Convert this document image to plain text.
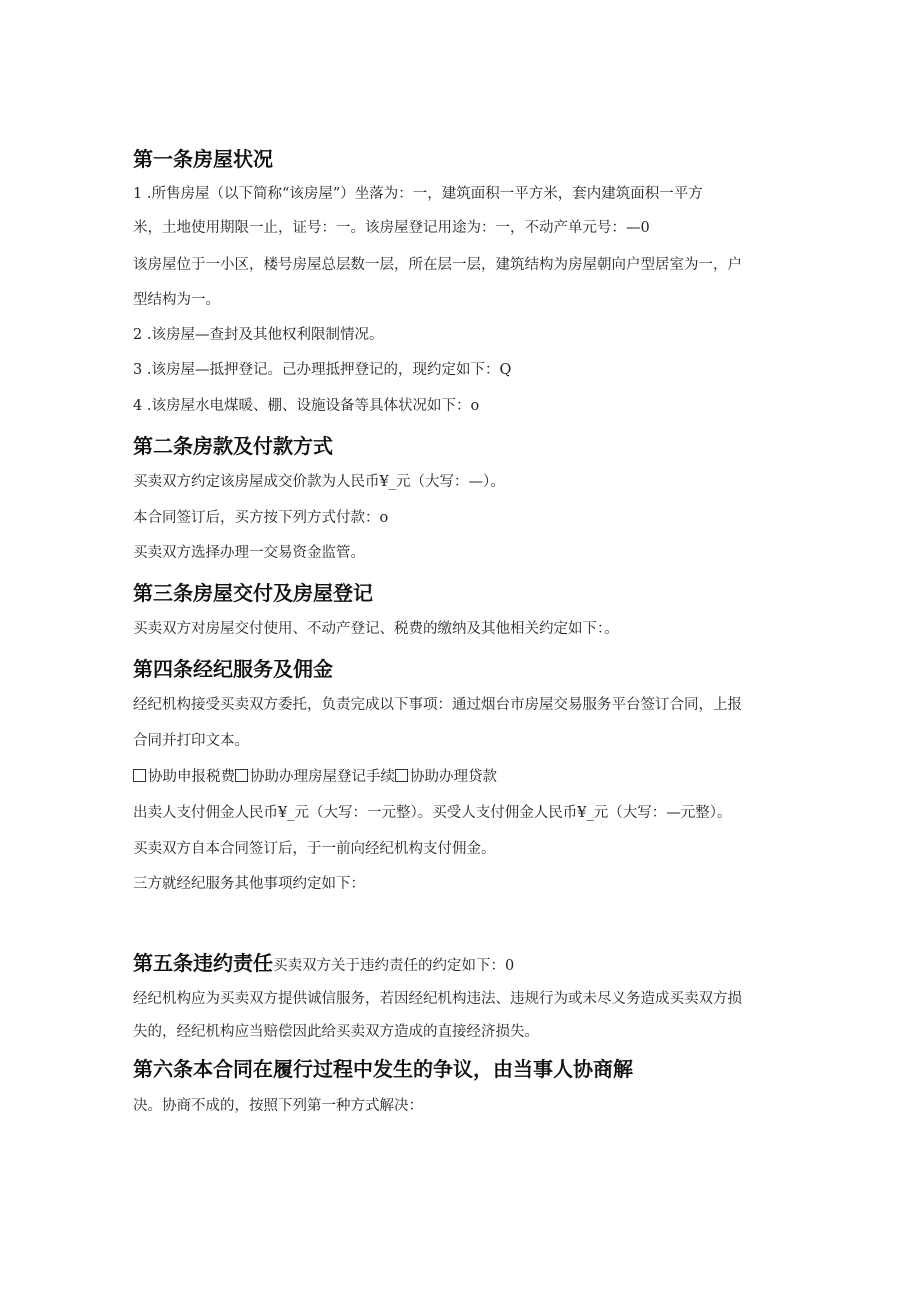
第一条房屋状况
1 .所售房屋（以下简称“该房屋”）坐落为：一，建筑面积一平方米，套内建筑面积一平方
米，土地使用期限一止，证号：一。该房屋登记用途为：一，不动产单元号：—0
该房屋位于一小区，楼号房屋总层数一层，所在层一层，建筑结构为房屋朝向户型居室为一，户
型结构为一。
2 .该房屋—查封及其他权利限制情况。
3 .该房屋—抵押登记。己办理抵押登记的，现约定如下：Q
4 .该房屋水电煤暖、棚、设施设备等具体状况如下：o
第二条房款及付款方式
买卖双方约定该房屋成交价款为人民币¥_元（大写：—）。
本合同签订后，买方按下列方式付款：o
买卖双方选择办理一交易资金监管。
第三条房屋交付及房屋登记
买卖双方对房屋交付使用、不动产登记、税费的缴纳及其他相关约定如下：。
第四条经纪服务及佣金
经纪机构接受买卖双方委托，负责完成以下事项：通过烟台市房屋交易服务平台签订合同，上报
合同并打印文本。
协助申报税费 协助办理房屋登记手续 协助办理贷款
出卖人支付佣金人民币¥_元（大写：一元整）。买受人支付佣金人民币¥_元（大写：—元整）。
买卖双方自本合同签订后，于一前向经纪机构支付佣金。
三方就经纪服务其他事项约定如下：
第五条违约责任买卖双方关于违约责任的约定如下：0
经纪机构应为买卖双方提供诚信服务，若因经纪机构违法、违规行为或未尽义务造成买卖双方损
失的，经纪机构应当赔偿因此给买卖双方造成的直接经济损失。
第六条本合同在履行过程中发生的争议，由当事人协商解
决。协商不成的，按照下列第一种方式解决：
